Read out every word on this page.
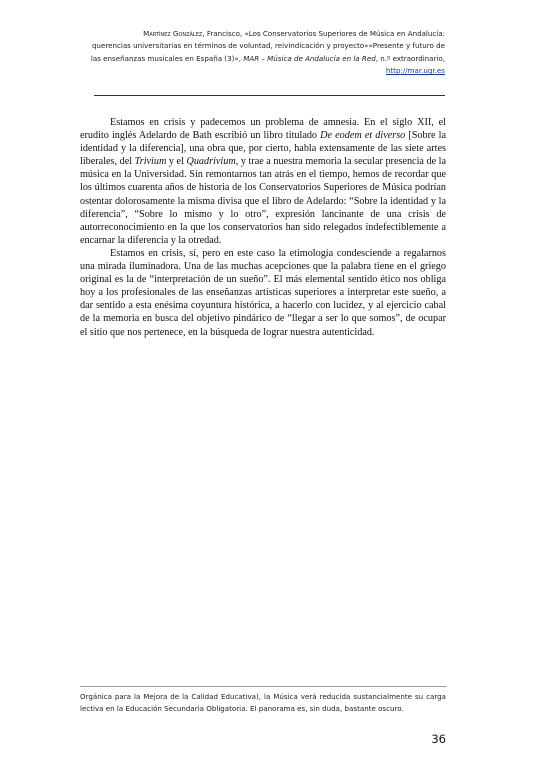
Martínez González, Francisco, «Los Conservatorios Superiores de Música en Andalucía:
querencias universitarias en términos de voluntad, reivindicación y proyecto»«Presente y futuro de
las enseñanzas musicales en España (3)», MAR – Música de Andalucía en la Red, n.º extraordinario,
http://mar.ugr.es

Estamos en crisis y padecemos un problema de amnesia. En el siglo XII, el erudito inglés Adelardo de Bath escribió un libro titulado De eodem et diverso [Sobre la identidad y la diferencia], una obra que, por cierto, habla extensamente de las siete artes liberales, del Trivium y el Quadrivium, y trae a nuestra memoria la secular presencia de la música en la Universidad. Sin remontarnos tan atrás en el tiempo, hemos de recordar que los últimos cuarenta años de historia de los Conservatorios Superiores de Música podrían ostentar dolorosamente la misma divisa que el libro de Adelardo: “Sobre la identidad y la diferencia”, “Sobre lo mismo y lo otro”, expresión lancinante de una crisis de autorreconocimiento en la que los conservatorios han sido relegados indefectiblemente a encarnar la diferencia y la otredad.

Estamos en crisis, sí, pero en este caso la etimología condesciende a regalarnos una mirada iluminadora. Una de las muchas acepciones que la palabra tiene en el griego original es la de “interpretación de un sueño”. El más elemental sentido ético nos obliga hoy a los profesionales de las enseñanzas artísticas superiores a interpretar este sueño, a dar sentido a esta enésima coyuntura histórica, a hacerlo con lucidez, y al ejercicio cabal de la memoria en busca del objetivo pindárico de “llegar a ser lo que somos”, de ocupar el sitio que nos pertenece, en la búsqueda de lograr nuestra autenticidad.

Orgánica para la Mejora de la Calidad Educativa), la Música verá reducida sustancialmente su carga lectiva en la Educación Secundaria Obligatoria. El panorama es, sin duda, bastante oscuro.
36
